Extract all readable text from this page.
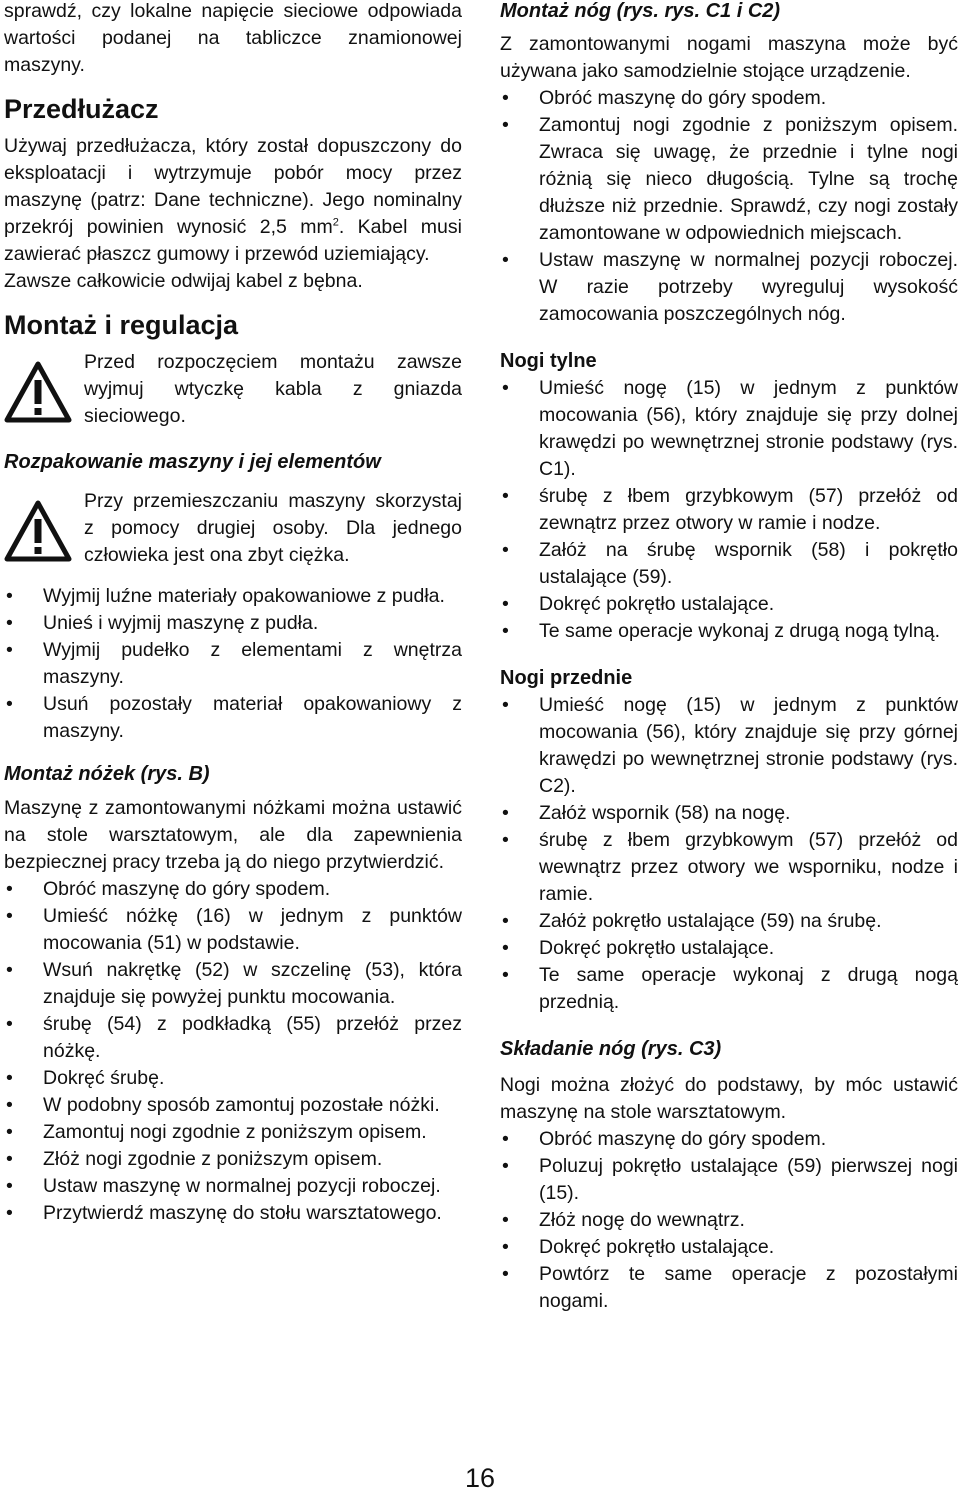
sprawdź, czy lokalne napięcie sieciowe odpowiada wartości podanej na tabliczce znamionowej maszyny.

Przedłużacz

Używaj przedłużacza, który został dopuszczony do eksploatacji i wytrzymuje pobór mocy przez maszynę (patrz: Dane techniczne). Jego nominalny przekrój powinien wynosić 2,5 $mm^2$. Kabel musi zawierać płaszcz gumowy i przewód uziemiający.

Zawsze całkowicie odwijaj kabel z bębna.

Montaż i regulacja

Przed rozpoczęciem montażu zawsze wyjmuj wtyczkę kabla z gniazda sieciowego.

Rozpakowanie maszyny i jej elementów

Przy przemieszczaniu maszyny skorzystaj z pomocy drugiej osoby. Dla jednego człowieka jest ona zbyt ciężka.

• Wyjmij luźne materiały opakowaniowe z pudła.
• Unieś i wyjmij maszynę z pudła.
• Wyjmij pudełko z elementami z wnętrza maszyny.
• Usuń pozostały materiał opakowaniowy z maszyny.
Montaż nóżek (rys. B)

Maszynę z zamontowanymi nóżkami można ustawić na stole warsztatowym, ale dla zapewnienia bezpiecznej pracy trzeba ją do niego przytwierdzić.

• Obróć maszynę do góry spodem.
• Umieść nóżkę (16) w jednym z punktów mocowania (51) w podstawie.
• Wsuń nakrętkę (52) w szczelinę (53), która znajduje się powyżej punktu mocowania.
• śrubę (54) z podkładką (55) przełóż przez nóżkę.
• Dokręć śrubę.
• W podobny sposób zamontuj pozostałe nóżki.
• Zamontuj nogi zgodnie z poniższym opisem.
• Złóż nogi zgodnie z poniższym opisem.
• Ustaw maszynę w normalnej pozycji roboczej.
• Przytwierdź maszynę do stołu warsztatowego.
Montaż nóg (rys. rys. C1 i C2)

Z zamontowanymi nogami maszyna może być używana jako samodzielnie stojące urządzenie.

• Obróć maszynę do góry spodem.
• Zamontuj nogi zgodnie z poniższym opisem. Zwraca się uwagę, że przednie i tylne nogi różnią się nieco długością. Tylne są trochę dłuższe niż przednie. Sprawdź, czy nogi zostały zamontowane w odpowiednich miejscach.
• Ustaw maszynę w normalnej pozycji roboczej. W razie potrzeby wyreguluj wysokość zamocowania poszczególnych nóg.
Nogi tylne
• Umieść nogę (15) w jednym z punktów mocowania (56), który znajduje się przy dolnej krawędzi po wewnętrznej stronie podstawy (rys. C1).
• śrubę z łbem grzybkowym (57) przełóż od zewnątrz przez otwory w ramie i nodze.
• Załóż na śrubę wspornik (58) i pokrętło ustalające (59).
• Dokręć pokrętło ustalające.
• Te same operacje wykonaj z drugą nogą tylną.
Nogi przednie
• Umieść nogę (15) w jednym z punktów mocowania (56), który znajduje się przy górnej krawędzi po wewnętrznej stronie podstawy (rys. C2).
• Załóż wspornik (58) na nogę.
• śrubę z łbem grzybkowym (57) przełóż od wewnątrz przez otwory we wsporniku, nodze i ramie.
• Załóż pokrętło ustalające (59) na śrubę.
• Dokręć pokrętło ustalające.
• Te same operacje wykonaj z drugą nogą przednią.
Składanie nóg (rys. C3)

Nogi można złożyć do podstawy, by móc ustawić maszynę na stole warsztatowym.

• Obróć maszynę do góry spodem.
• Poluzuj pokrętło ustalające (59) pierwszej nogi (15).
• Złóż nogę do wewnątrz.
• Dokręć pokrętło ustalające.
• Powtórz te same operacje z pozostałymi nogami.
16
